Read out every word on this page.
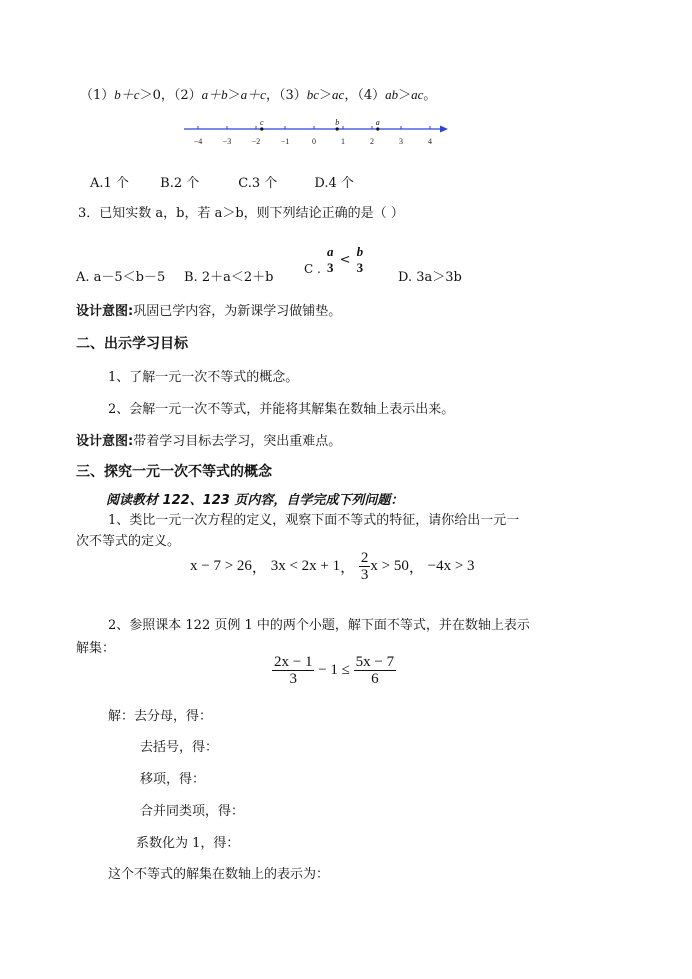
（1）b＋c＞0，（2）a＋b＞a＋c，（3）bc＞ac，（4）ab＞ac。
−4	−3	−2	−1	0	1	2	3	4
c	b	a
A.1 个 B.2 个	C.3 个	D.4 个
3．已知实数 a，b，若 a＞b，则下列结论正确的是（ ）
A. a－5＜b－5 B. 2＋a＜2＋b
C .
a
3 <
b
3
D. 3a＞3b
设计意图:巩固已学内容，为新课学习做铺垫。
二、出示学习目标
1、了解一元一次不等式的概念。
2、会解一元一次不等式，并能将其解集在数轴上表示出来。
设计意图:带着学习目标去学习，突出重难点。
三、探究一元一次不等式的概念
阅读教材 122、123 页内容，自学完成下列问题：
1、类比一元一次方程的定义，观察下面不等式的特征，请你给出一元一
次不等式的定义。
x − 7 > 26， 3x < 2x + 1， $\frac{2}{3}$ x > 50， −4x > 3
2、参照课本 122 页例 1 中的两个小题，解下面不等式，并在数轴上表示
解集：
$\frac{2x - 1}{3} - 1 \le \frac{5x - 7}{6}$
解：去分母，得：
去括号，得：
移项，得：
合并同类项，得：
系数化为 1，得：
这个不等式的解集在数轴上的表示为：
